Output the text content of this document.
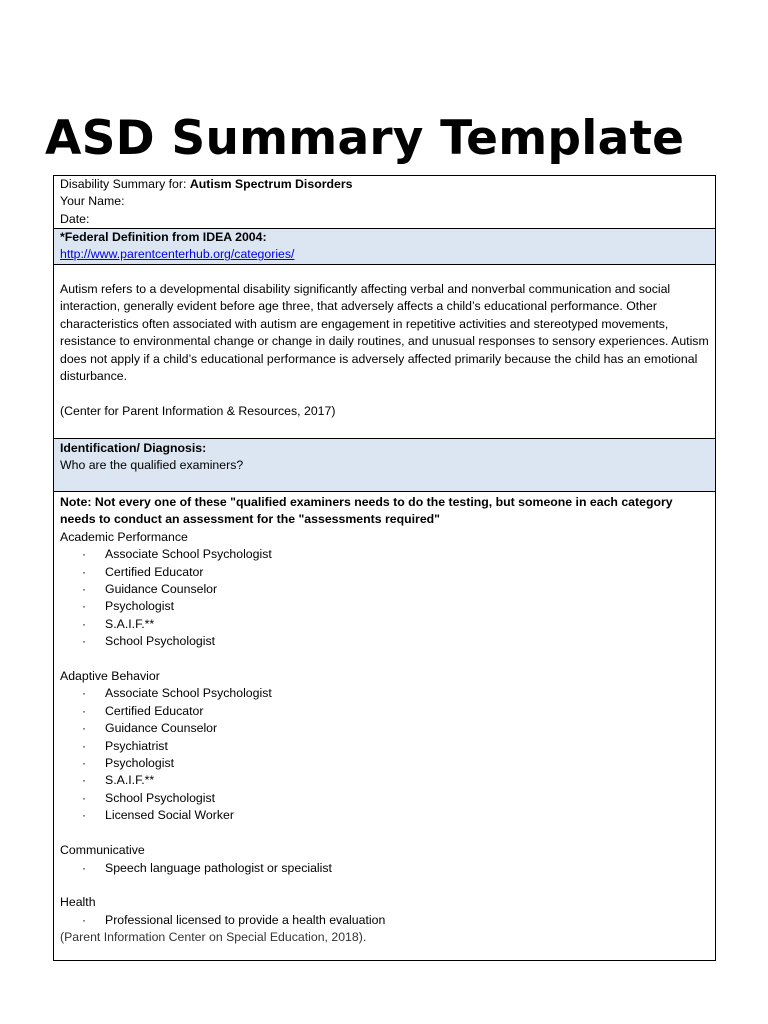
ASD Summary Template
Disability Summary for: Autism Spectrum Disorders
Your Name:
Date:
*Federal Definition from IDEA 2004:
http://www.parentcenterhub.org/categories/

Autism refers to a developmental disability significantly affecting verbal and nonverbal communication and social interaction, generally evident before age three, that adversely affects a child’s educational performance. Other characteristics often associated with autism are engagement in repetitive activities and stereotyped movements, resistance to environmental change or change in daily routines, and unusual responses to sensory experiences. Autism does not apply if a child’s educational performance is adversely affected primarily because the child has an emotional disturbance.

(Center for Parent Information & Resources, 2017)

Identification/ Diagnosis:
Who are the qualified examiners?

Note: Not every one of these "qualified examiners needs to do the testing, but someone in each category needs to conduct an assessment for the "assessments required"

Academic Performance
· Associate School Psychologist
· Certified Educator
· Guidance Counselor
· Psychologist
· S.A.I.F.**
· School Psychologist
Adaptive Behavior
· Associate School Psychologist
· Certified Educator
· Guidance Counselor
· Psychiatrist
· Psychologist
· S.A.I.F.**
· School Psychologist
· Licensed Social Worker
Communicative
· Speech language pathologist or specialist
Health
· Professional licensed to provide a health evaluation
(Parent Information Center on Special Education, 2018).
